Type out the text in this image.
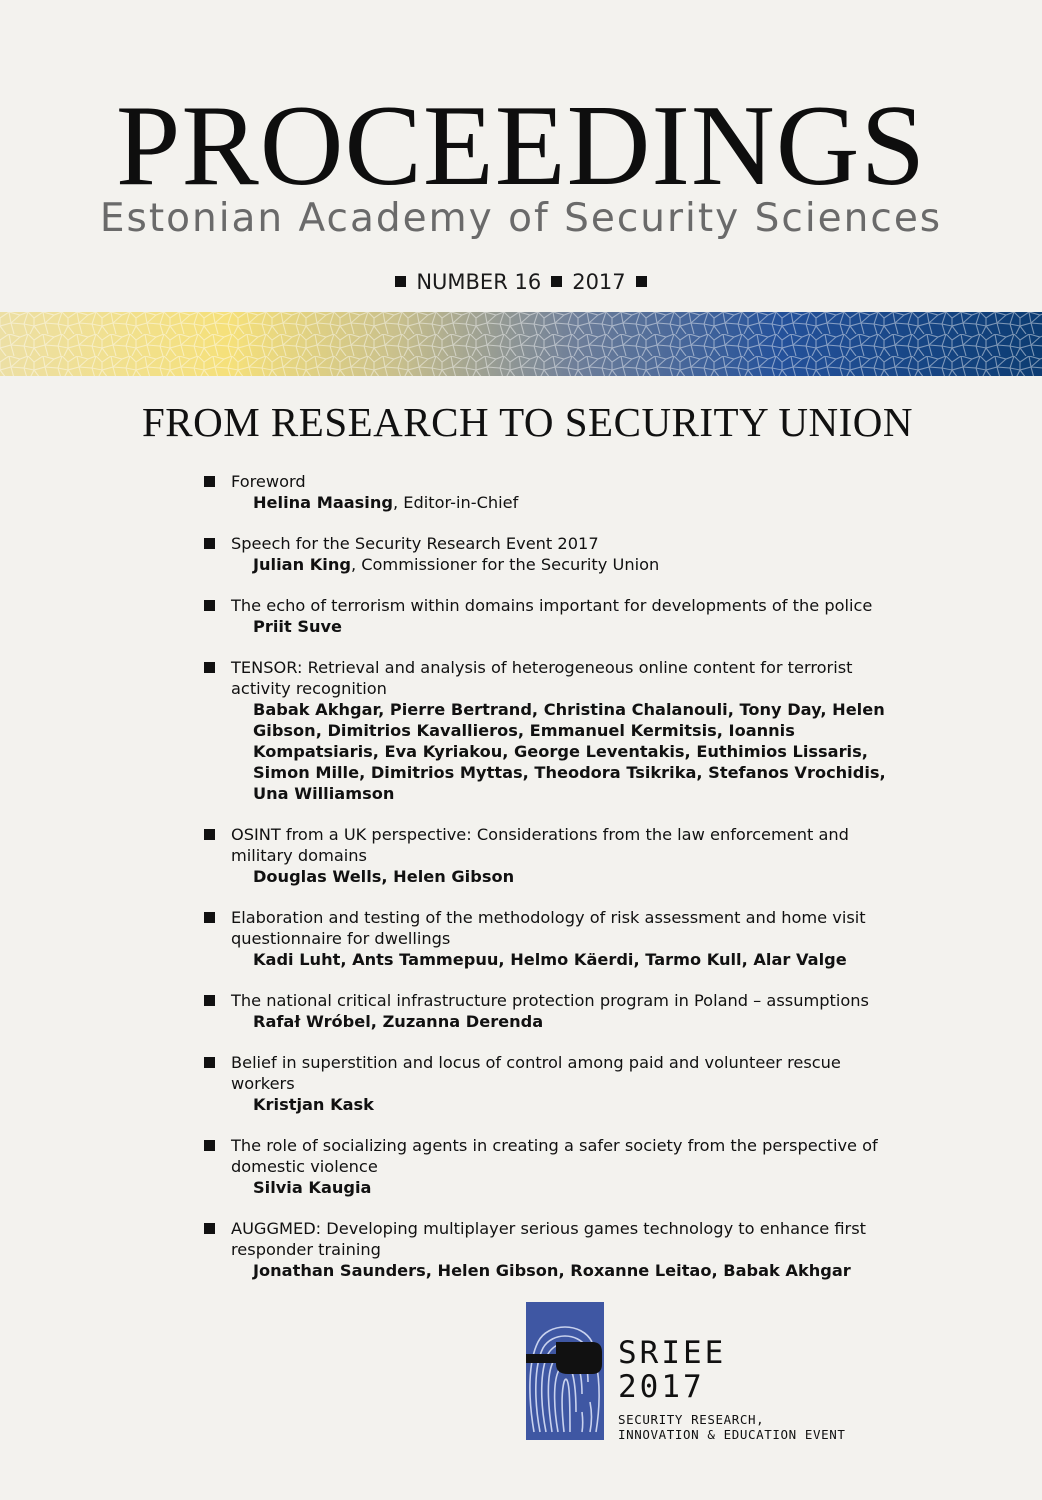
PROCEEDINGS
Estonian Academy of Security Sciences
NUMBER 16 2017
FROM RESEARCH TO SECURITY UNION
Foreword
Helina Maasing, Editor-in-Chief
Speech for the Security Research Event 2017
Julian King, Commissioner for the Security Union
The echo of terrorism within domains important for developments of the police
Priit Suve
TENSOR: Retrieval and analysis of heterogeneous online content for terrorist activity recognition
Babak Akhgar, Pierre Bertrand, Christina Chalanouli, Tony Day, Helen Gibson, Dimitrios Kavallieros, Emmanuel Kermitsis, Ioannis Kompatsiaris, Eva Kyriakou, George Leventakis, Euthimios Lissaris, Simon Mille, Dimitrios Myttas, Theodora Tsikrika, Stefanos Vrochidis, Una Williamson
OSINT from a UK perspective: Considerations from the law enforcement and military domains
Douglas Wells, Helen Gibson
Elaboration and testing of the methodology of risk assessment and home visit questionnaire for dwellings
Kadi Luht, Ants Tammepuu, Helmo Käerdi, Tarmo Kull, Alar Valge
The national critical infrastructure protection program in Poland – assumptions
Rafał Wróbel, Zuzanna Derenda
Belief in superstition and locus of control among paid and volunteer rescue workers
Kristjan Kask
The role of socializing agents in creating a safer society from the perspective of domestic violence
Silvia Kaugia
AUGGMED: Developing multiplayer serious games technology to enhance first responder training
Jonathan Saunders, Helen Gibson, Roxanne Leitao, Babak Akhgar
SRIEE
2017
SECURITY RESEARCH,
INNOVATION & EDUCATION EVENT
